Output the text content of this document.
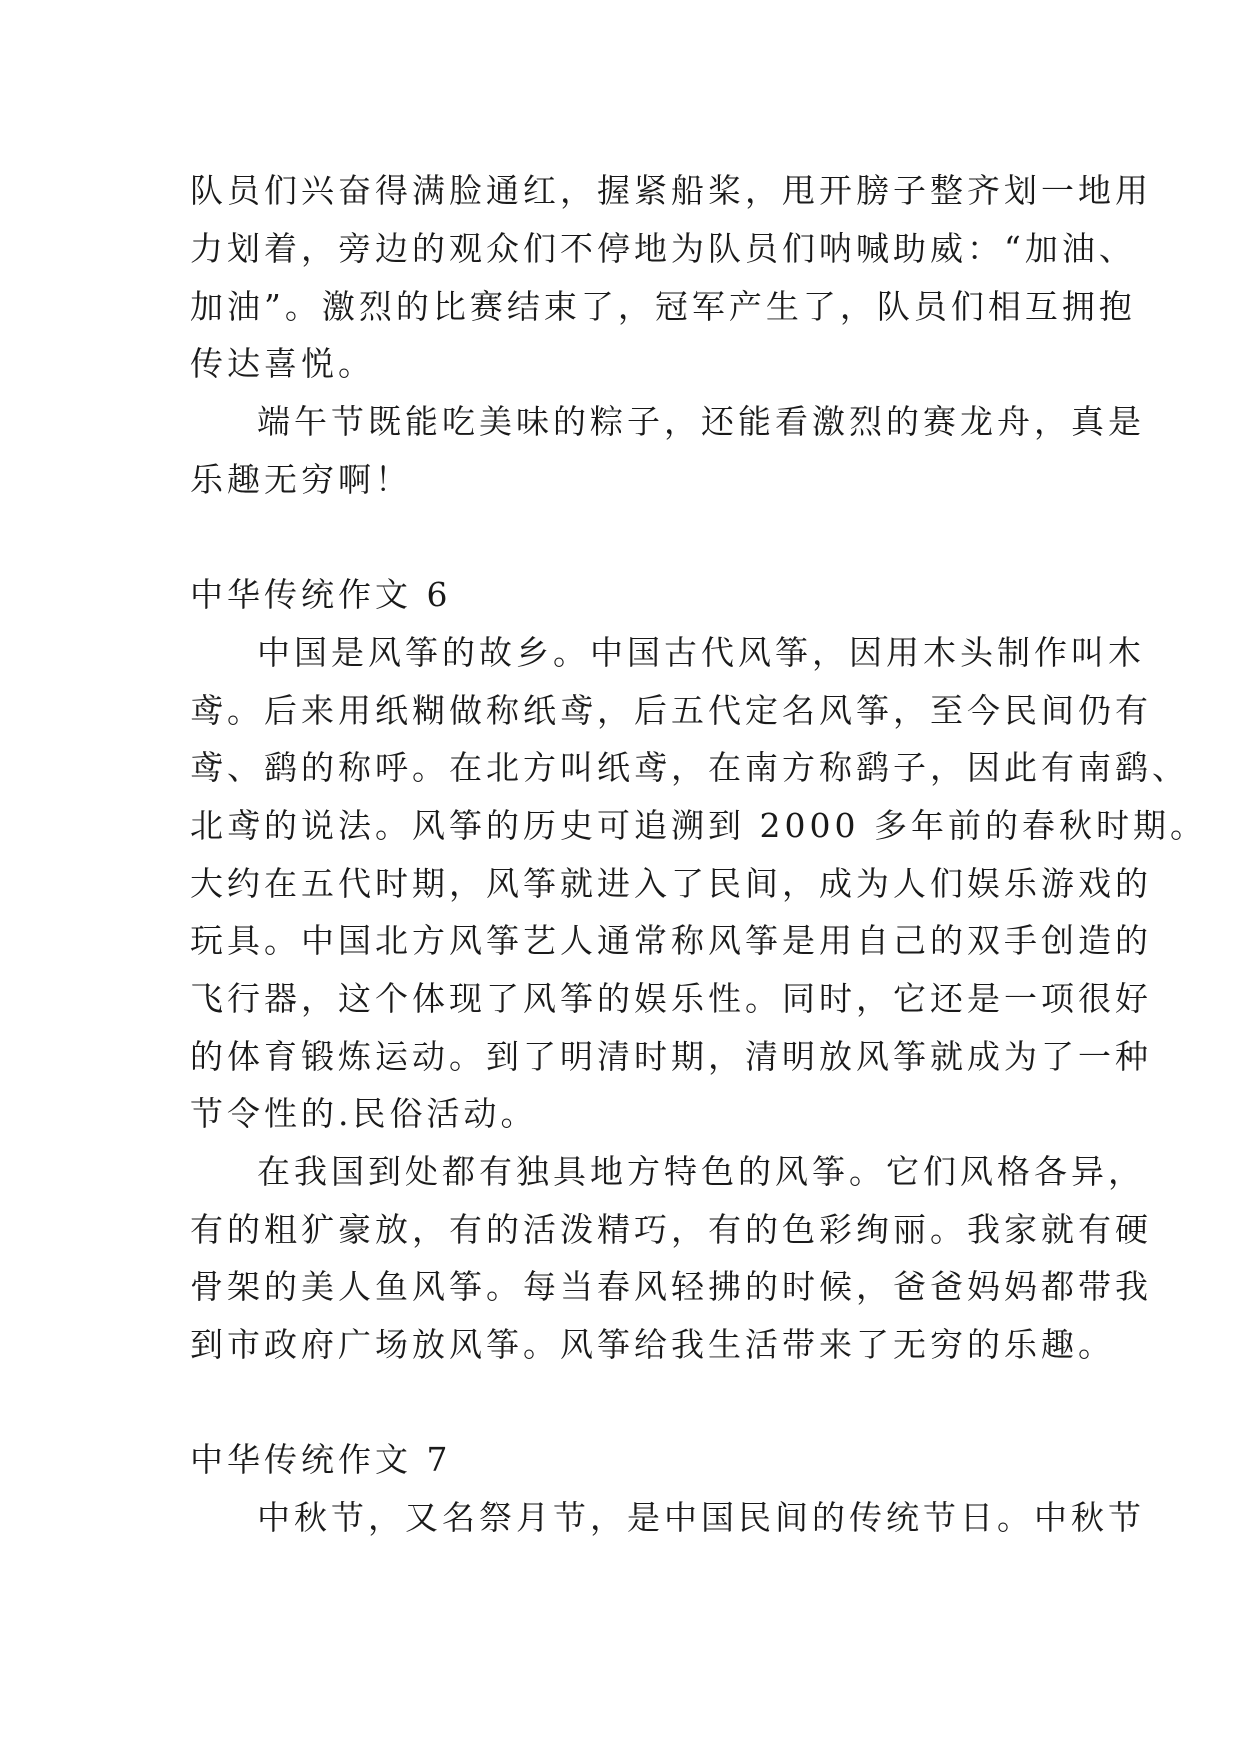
队员们兴奋得满脸通红，握紧船桨，甩开膀子整齐划一地用
力划着，旁边的观众们不停地为队员们呐喊助威：“加油、
加油”。激烈的比赛结束了，冠军产生了，队员们相互拥抱
传达喜悦。
端午节既能吃美味的粽子，还能看激烈的赛龙舟，真是
乐趣无穷啊！
中华传统作文 6
中国是风筝的故乡。中国古代风筝，因用木头制作叫木
鸢。后来用纸糊做称纸鸢，后五代定名风筝，至今民间仍有
鸢、鹞的称呼。在北方叫纸鸢，在南方称鹞子，因此有南鹞、
北鸢的说法。风筝的历史可追溯到 2000 多年前的春秋时期。
大约在五代时期，风筝就进入了民间，成为人们娱乐游戏的
玩具。中国北方风筝艺人通常称风筝是用自己的双手创造的
飞行器，这个体现了风筝的娱乐性。同时，它还是一项很好
的体育锻炼运动。到了明清时期，清明放风筝就成为了一种
节令性的.民俗活动。
在我国到处都有独具地方特色的风筝。它们风格各异，
有的粗犷豪放，有的活泼精巧，有的色彩绚丽。我家就有硬
骨架的美人鱼风筝。每当春风轻拂的时候，爸爸妈妈都带我
到市政府广场放风筝。风筝给我生活带来了无穷的乐趣。
中华传统作文 7
中秋节，又名祭月节，是中国民间的传统节日。中秋节
